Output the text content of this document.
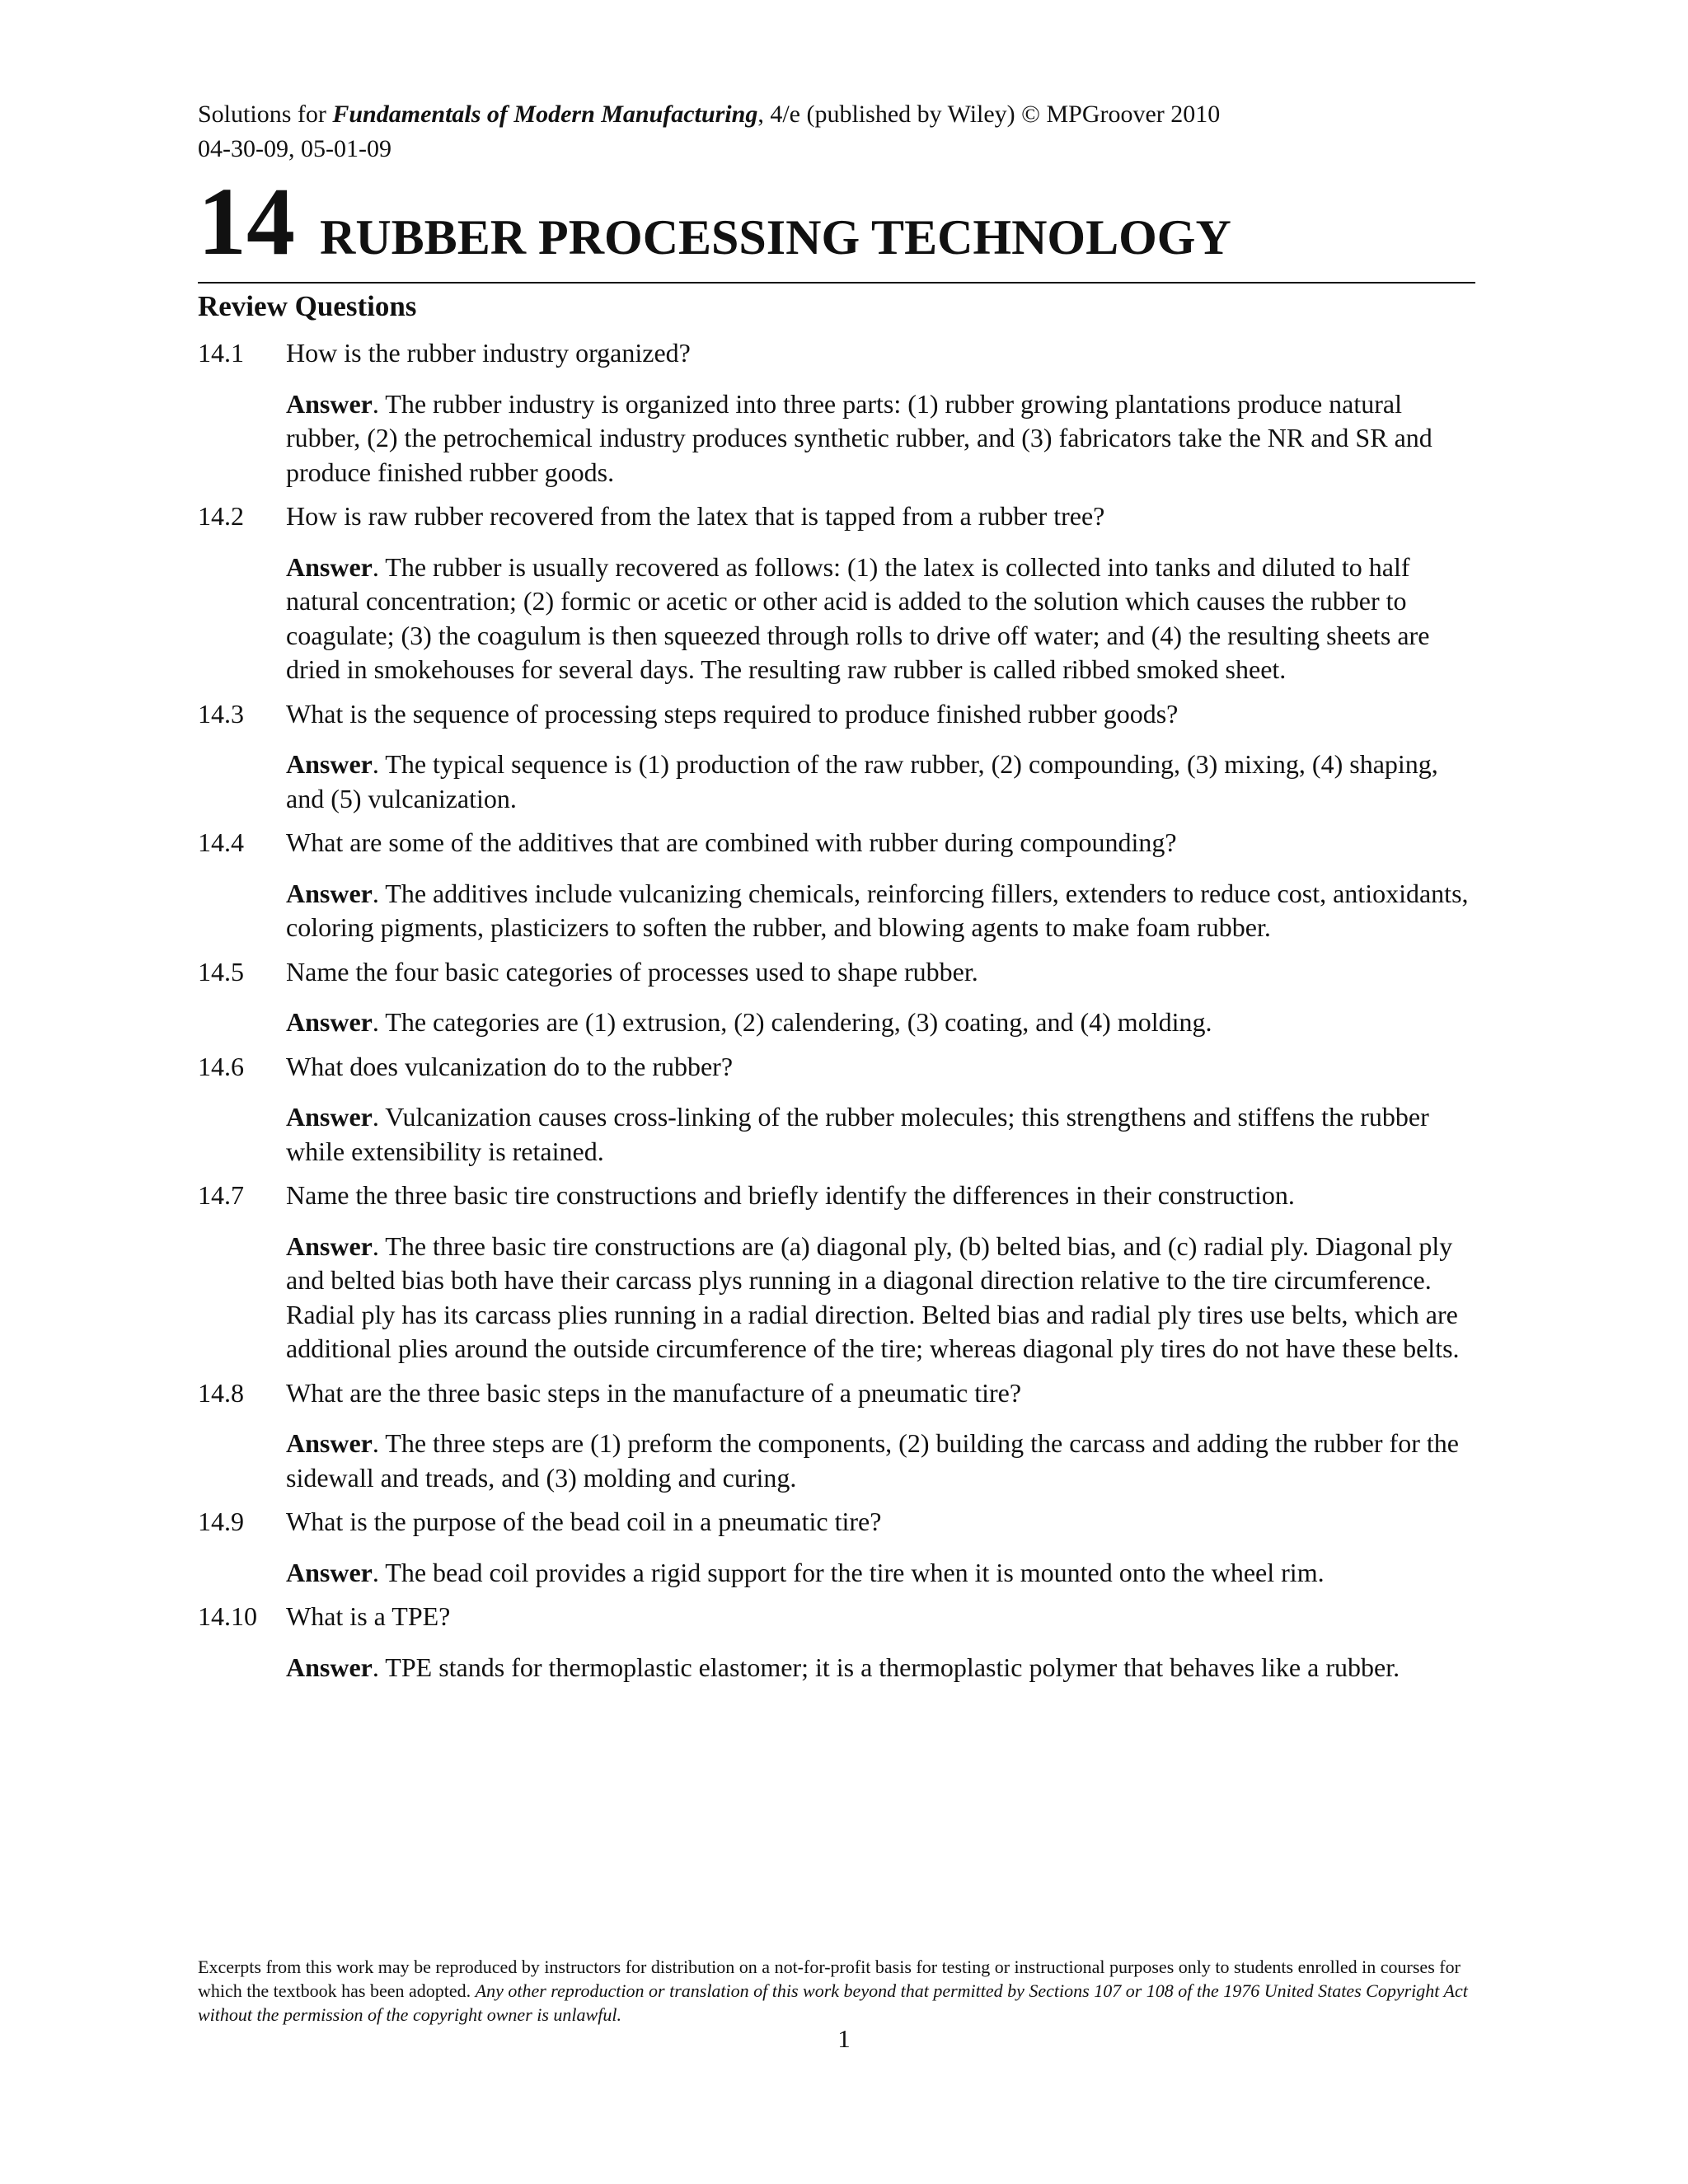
Solutions for Fundamentals of Modern Manufacturing, 4/e (published by Wiley) © MPGroover 2010
04-30-09, 05-01-09
14 RUBBER PROCESSING TECHNOLOGY
Review Questions
14.1	How is the rubber industry organized?
Answer. The rubber industry is organized into three parts: (1) rubber growing plantations produce natural rubber, (2) the petrochemical industry produces synthetic rubber, and (3) fabricators take the NR and SR and produce finished rubber goods.
14.2	How is raw rubber recovered from the latex that is tapped from a rubber tree?
Answer. The rubber is usually recovered as follows: (1) the latex is collected into tanks and diluted to half natural concentration; (2) formic or acetic or other acid is added to the solution which causes the rubber to coagulate; (3) the coagulum is then squeezed through rolls to drive off water; and (4) the resulting sheets are dried in smokehouses for several days. The resulting raw rubber is called ribbed smoked sheet.
14.3	What is the sequence of processing steps required to produce finished rubber goods?
Answer. The typical sequence is (1) production of the raw rubber, (2) compounding, (3) mixing, (4) shaping, and (5) vulcanization.
14.4	What are some of the additives that are combined with rubber during compounding?
Answer. The additives include vulcanizing chemicals, reinforcing fillers, extenders to reduce cost, antioxidants, coloring pigments, plasticizers to soften the rubber, and blowing agents to make foam rubber.
14.5	Name the four basic categories of processes used to shape rubber.
Answer. The categories are (1) extrusion, (2) calendering, (3) coating, and (4) molding.
14.6	What does vulcanization do to the rubber?
Answer. Vulcanization causes cross-linking of the rubber molecules; this strengthens and stiffens the rubber while extensibility is retained.
14.7	Name the three basic tire constructions and briefly identify the differences in their construction.
Answer. The three basic tire constructions are (a) diagonal ply, (b) belted bias, and (c) radial ply. Diagonal ply and belted bias both have their carcass plys running in a diagonal direction relative to the tire circumference. Radial ply has its carcass plies running in a radial direction. Belted bias and radial ply tires use belts, which are additional plies around the outside circumference of the tire; whereas diagonal ply tires do not have these belts.
14.8	What are the three basic steps in the manufacture of a pneumatic tire?
Answer. The three steps are (1) preform the components, (2) building the carcass and adding the rubber for the sidewall and treads, and (3) molding and curing.
14.9	What is the purpose of the bead coil in a pneumatic tire?
Answer. The bead coil provides a rigid support for the tire when it is mounted onto the wheel rim.
14.10	What is a TPE?
Answer. TPE stands for thermoplastic elastomer; it is a thermoplastic polymer that behaves like a rubber.
Excerpts from this work may be reproduced by instructors for distribution on a not-for-profit basis for testing or instructional purposes only to students enrolled in courses for which the textbook has been adopted. Any other reproduction or translation of this work beyond that permitted by Sections 107 or 108 of the 1976 United States Copyright Act without the permission of the copyright owner is unlawful.
1
